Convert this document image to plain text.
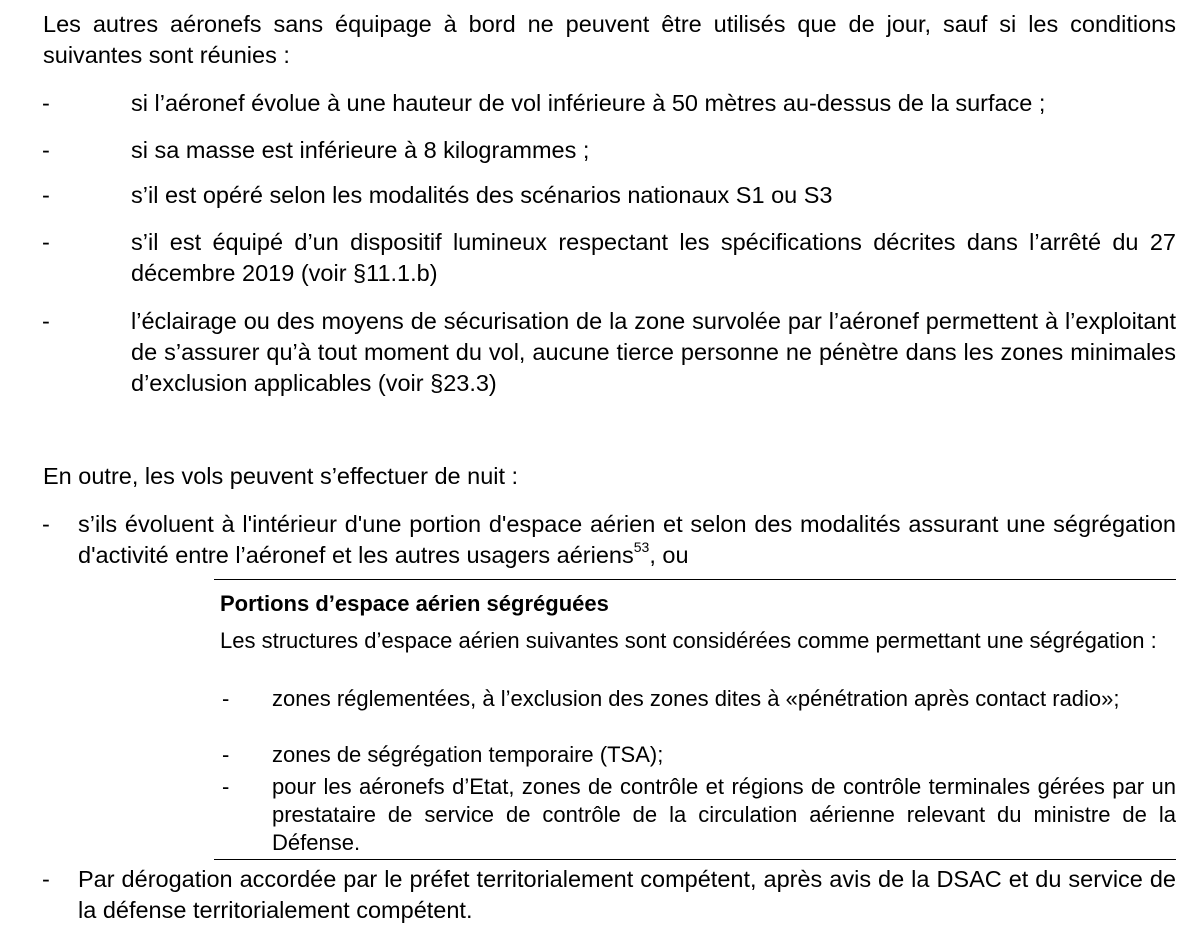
Les autres aéronefs sans équipage à bord ne peuvent être utilisés que de jour, sauf si les conditions suivantes sont réunies :

-	si l’aéronef évolue à une hauteur de vol inférieure à 50 mètres au-dessus de la surface ;

-	si sa masse est inférieure à 8 kilogrammes ;

-	s’il est opéré selon les modalités des scénarios nationaux S1 ou S3

-	s’il est équipé d’un dispositif lumineux respectant les spécifications décrites dans l’arrêté du 27 décembre 2019 (voir §11.1.b)

-	l’éclairage ou des moyens de sécurisation de la zone survolée par l’aéronef permettent à l’exploitant de s’assurer qu’à tout moment du vol, aucune tierce personne ne pénètre dans les zones minimales d’exclusion applicables (voir §23.3)

En outre, les vols peuvent s’effectuer de nuit :

- s’ils évoluent à l'intérieur d'une portion d'espace aérien et selon des modalités assurant une ségrégation d'activité entre l’aéronef et les autres usagers aériens$^{53}$, ou

Portions d’espace aérien ségréguées
Les structures d’espace aérien suivantes sont considérées comme permettant une ségrégation :
- zones réglementées, à l’exclusion des zones dites à «pénétration après contact radio»;
- zones de ségrégation temporaire (TSA);
- pour les aéronefs d’Etat, zones de contrôle et régions de contrôle terminales gérées par un prestataire de service de contrôle de la circulation aérienne relevant du ministre de la Défense.
- Par dérogation accordée par le préfet territorialement compétent, après avis de la DSAC et du service de la défense territorialement compétent.
